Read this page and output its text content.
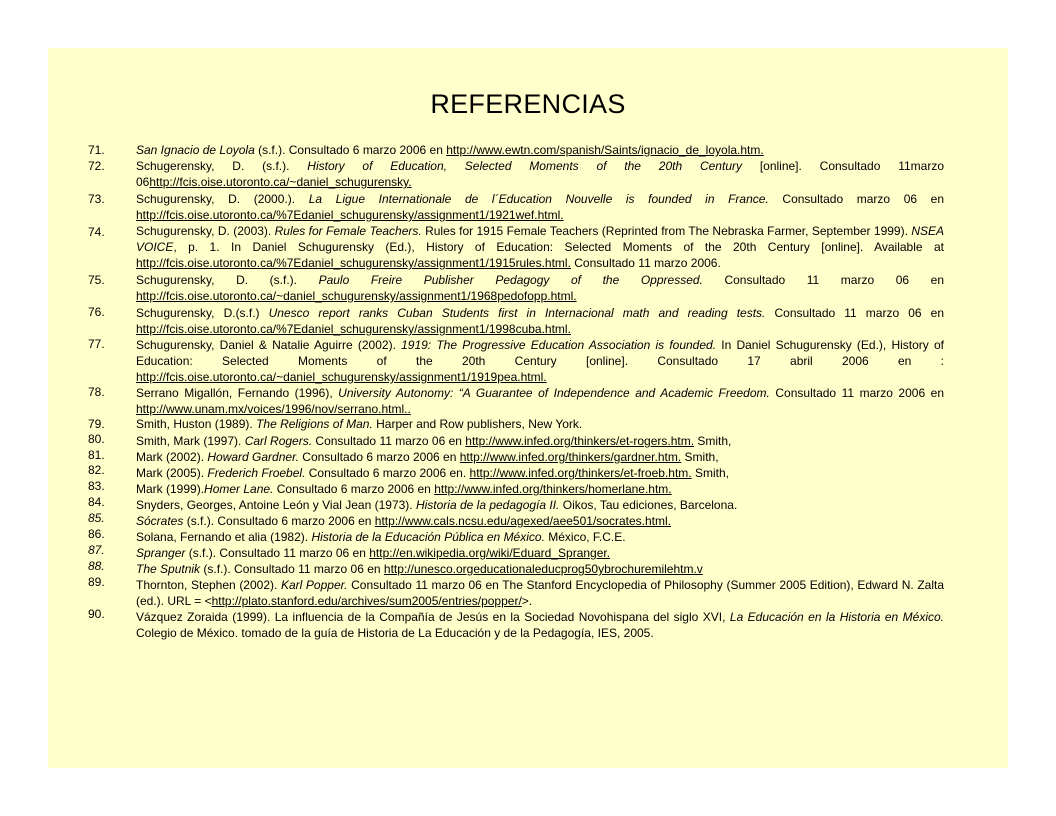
REFERENCIAS
71.	San Ignacio de Loyola (s.f.). Consultado 6 marzo 2006 en http://www.ewtn.com/spanish/Saints/ignacio_de_loyola.htm.
72.	Schugerensky, D. (s.f.). History of Education, Selected Moments of the 20th Century [online]. Consultado 11marzo 06http://fcis.oise.utoronto.ca/~daniel_schugurensky.
73.	Schugurensky, D. (2000.). La Ligue Internationale de l´Education Nouvelle is founded in France. Consultado marzo 06 en http://fcis.oise.utoronto.ca/%7Edaniel_schugurensky/assignment1/1921wef.html.
74.	Schugurensky, D. (2003). Rules for Female Teachers. Rules for 1915 Female Teachers (Reprinted from The Nebraska Farmer, September 1999). NSEA VOICE, p. 1. In Daniel Schugurensky (Ed.), History of Education: Selected Moments of the 20th Century [online]. Available at http://fcis.oise.utoronto.ca/%7Edaniel_schugurensky/assignment1/1915rules.html. Consultado 11 marzo 2006.
75.	Schugurensky, D. (s.f.). Paulo Freire Publisher Pedagogy of the Oppressed. Consultado 11 marzo 06 en http://fcis.oise.utoronto.ca/~daniel_schugurensky/assignment1/1968pedofopp.html.
76.	Schugurensky, D.(s.f.) Unesco report ranks Cuban Students first in Internacional math and reading tests. Consultado 11 marzo 06 en http://fcis.oise.utoronto.ca/%7Edaniel_schugurensky/assignment1/1998cuba.html.
77.	Schugurensky, Daniel & Natalie Aguirre (2002). 1919: The Progressive Education Association is founded. In Daniel Schugurensky (Ed.), History of Education: Selected Moments of the 20th Century [online]. Consultado 17 abril 2006 en : http://fcis.oise.utoronto.ca/~daniel_schugurensky/assignment1/1919pea.html.
78.	Serrano Migallón, Fernando (1996), University Autonomy: “A Guarantee of Independence and Academic Freedom. Consultado 11 marzo 2006 en http://www.unam.mx/voices/1996/nov/serrano.html..
79.	Smith, Huston (1989). The Religions of Man. Harper and Row publishers, New York.
80.	Smith, Mark (1997). Carl Rogers. Consultado 11 marzo 06 en http://www.infed.org/thinkers/et-rogers.htm. Smith,
81.	Mark (2002). Howard Gardner. Consultado 6 marzo 2006 en http://www.infed.org/thinkers/gardner.htm. Smith,
82.	Mark (2005). Frederich Froebel. Consultado 6 marzo 2006 en. http://www.infed.org/thinkers/et-froeb.htm. Smith,
83.	Mark (1999).Homer Lane. Consultado 6 marzo 2006 en http://www.infed.org/thinkers/homerlane.htm.
84.	Snyders, Georges, Antoine León y Vial Jean (1973). Historia de la pedagogía II. Oikos, Tau ediciones, Barcelona.
85.	Sócrates (s.f.). Consultado 6 marzo 2006 en http://www.cals.ncsu.edu/agexed/aee501/socrates.html.
86.	Solana, Fernando et alia (1982). Historia de la Educación Pública en México. México, F.C.E.
87.	Spranger (s.f.). Consultado 11 marzo 06 en http://en.wikipedia.org/wiki/Eduard_Spranger.
88.	The Sputnik (s.f.). Consultado 11 marzo 06 en http://unesco.orgeducationaleducprog50ybrochuremilehtm.v
89.	Thornton, Stephen (2002). Karl Popper. Consultado 11 marzo 06 en The Stanford Encyclopedia of Philosophy (Summer 2005 Edition), Edward N. Zalta (ed.). URL = <http://plato.stanford.edu/archives/sum2005/entries/popper/>.
90.	Vázquez Zoraida (1999). La influencia de la Compañía de Jesús en la Sociedad Novohispana del siglo XVI, La Educación en la Historia en México. Colegio de México. tomado de la guía de Historia de La Educación y de la Pedagogía, IES, 2005.
